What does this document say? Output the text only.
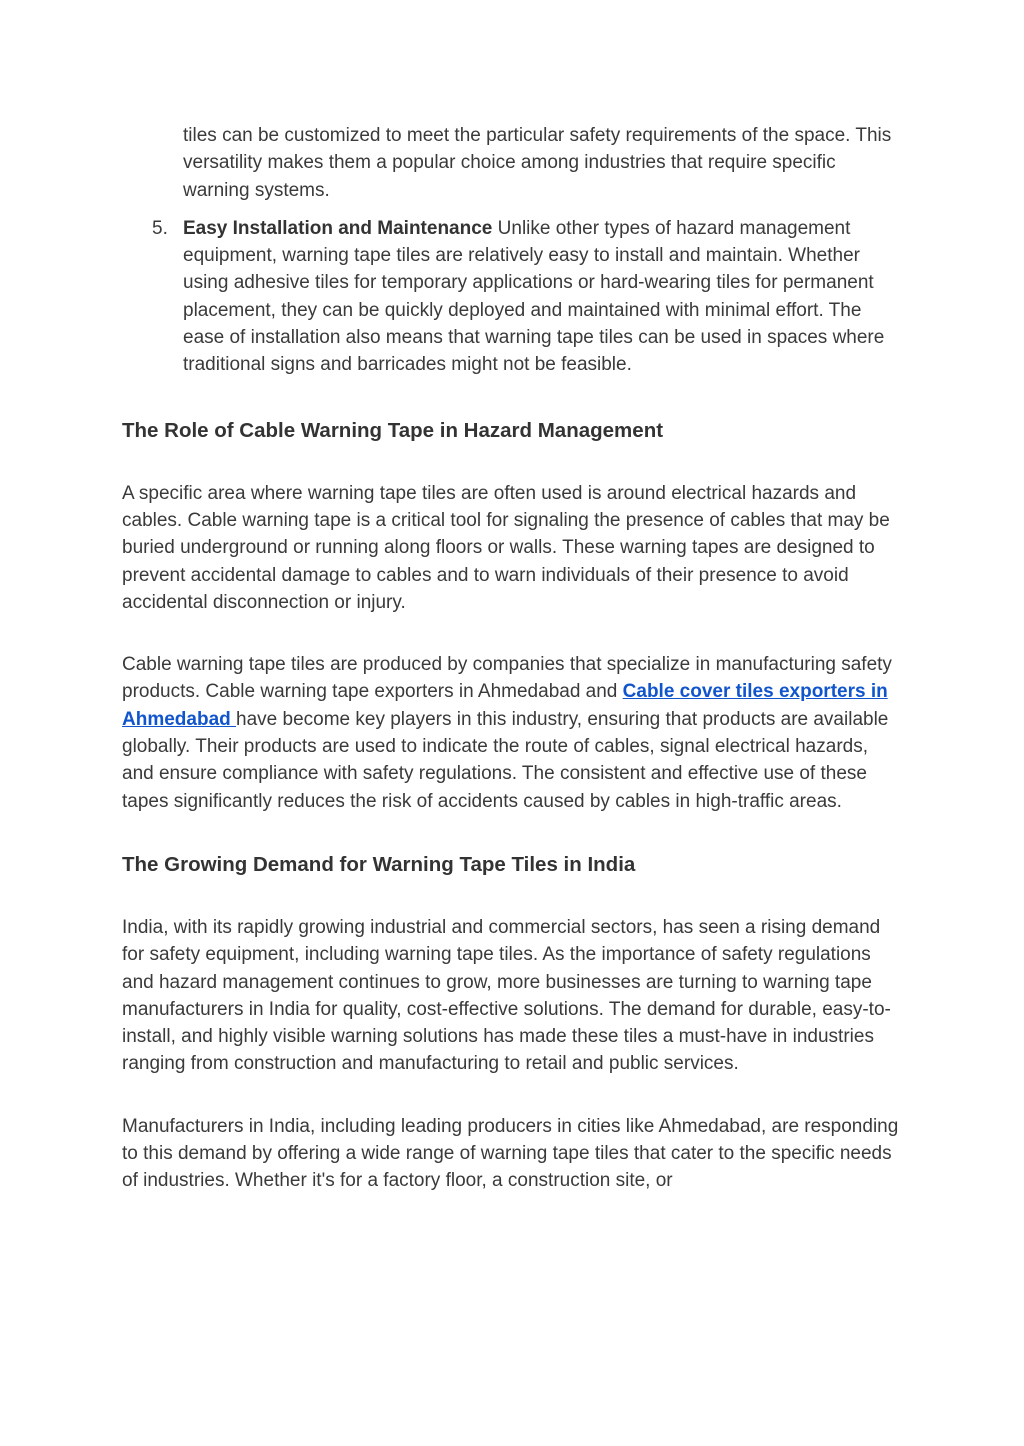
tiles can be customized to meet the particular safety requirements of the space. This versatility makes them a popular choice among industries that require specific warning systems.

5. Easy Installation and Maintenance Unlike other types of hazard management equipment, warning tape tiles are relatively easy to install and maintain. Whether using adhesive tiles for temporary applications or hard-wearing tiles for permanent placement, they can be quickly deployed and maintained with minimal effort. The ease of installation also means that warning tape tiles can be used in spaces where traditional signs and barricades might not be feasible.

The Role of Cable Warning Tape in Hazard Management

A specific area where warning tape tiles are often used is around electrical hazards and cables. Cable warning tape is a critical tool for signaling the presence of cables that may be buried underground or running along floors or walls. These warning tapes are designed to prevent accidental damage to cables and to warn individuals of their presence to avoid accidental disconnection or injury.

Cable warning tape tiles are produced by companies that specialize in manufacturing safety products. Cable warning tape exporters in Ahmedabad and Cable cover tiles exporters in Ahmedabad have become key players in this industry, ensuring that products are available globally. Their products are used to indicate the route of cables, signal electrical hazards, and ensure compliance with safety regulations. The consistent and effective use of these tapes significantly reduces the risk of accidents caused by cables in high-traffic areas.

The Growing Demand for Warning Tape Tiles in India

India, with its rapidly growing industrial and commercial sectors, has seen a rising demand for safety equipment, including warning tape tiles. As the importance of safety regulations and hazard management continues to grow, more businesses are turning to warning tape manufacturers in India for quality, cost-effective solutions. The demand for durable, easy-to-install, and highly visible warning solutions has made these tiles a must-have in industries ranging from construction and manufacturing to retail and public services.

Manufacturers in India, including leading producers in cities like Ahmedabad, are responding to this demand by offering a wide range of warning tape tiles that cater to the specific needs of industries. Whether it's for a factory floor, a construction site, or
